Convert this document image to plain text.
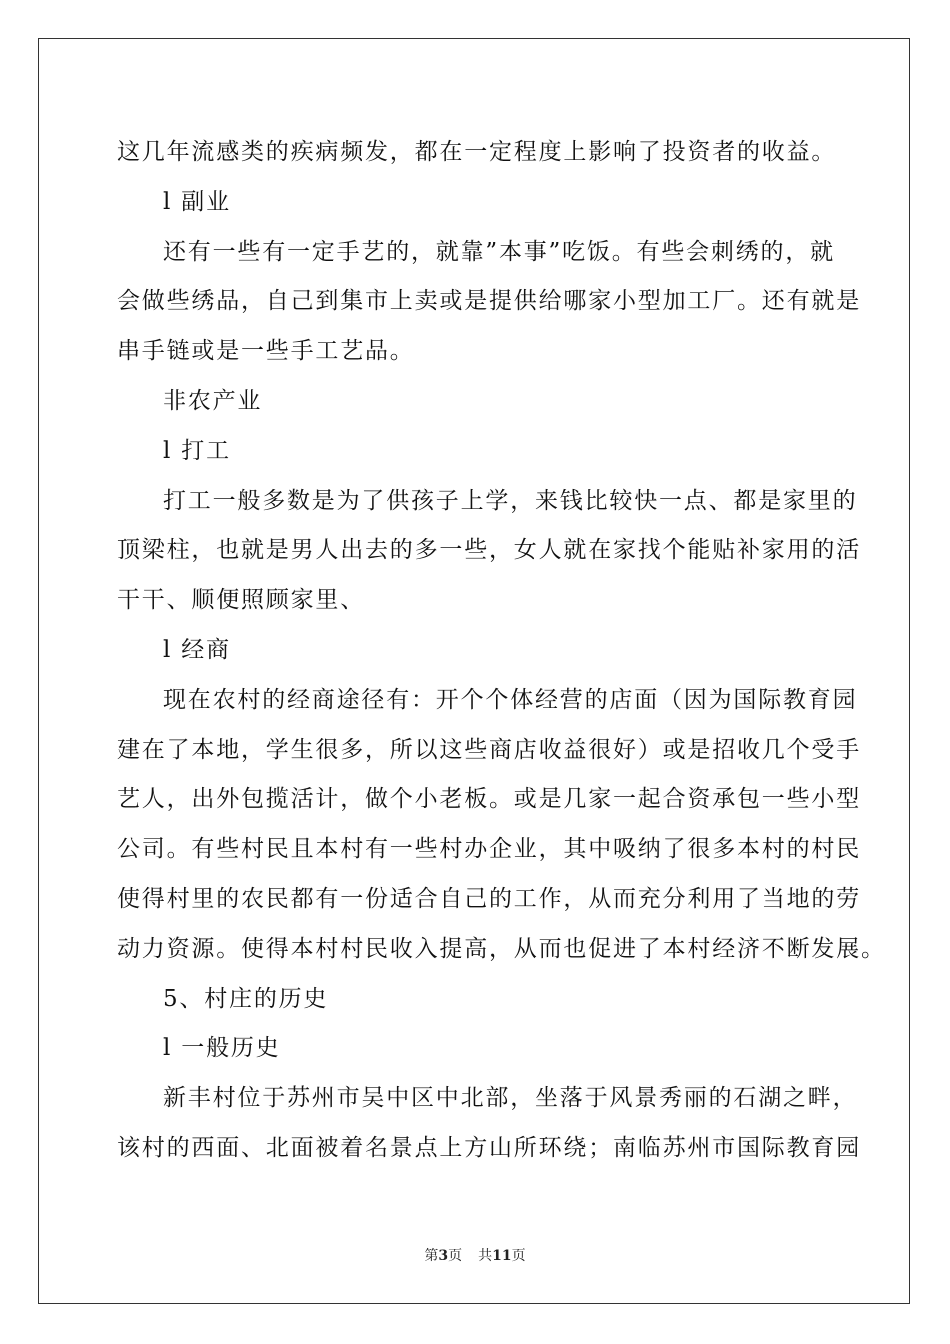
这几年流感类的疾病频发，都在一定程度上影响了投资者的收益。
l 副业
还有一些有一定手艺的，就靠”本事”吃饭。有些会刺绣的，就
会做些绣品，自己到集市上卖或是提供给哪家小型加工厂。还有就是
串手链或是一些手工艺品。
非农产业
l 打工
打工一般多数是为了供孩子上学，来钱比较快一点、都是家里的
顶梁柱，也就是男人出去的多一些，女人就在家找个能贴补家用的活
干干、顺便照顾家里、
l 经商
现在农村的经商途径有：开个个体经营的店面（因为国际教育园
建在了本地，学生很多，所以这些商店收益很好）或是招收几个受手
艺人，出外包揽活计，做个小老板。或是几家一起合资承包一些小型
公司。有些村民且本村有一些村办企业，其中吸纳了很多本村的村民
使得村里的农民都有一份适合自己的工作，从而充分利用了当地的劳
动力资源。使得本村村民收入提高，从而也促进了本村经济不断发展。
5、村庄的历史
l 一般历史
新丰村位于苏州市吴中区中北部，坐落于风景秀丽的石湖之畔，
该村的西面、北面被着名景点上方山所环绕；南临苏州市国际教育园
第3页 共11页
